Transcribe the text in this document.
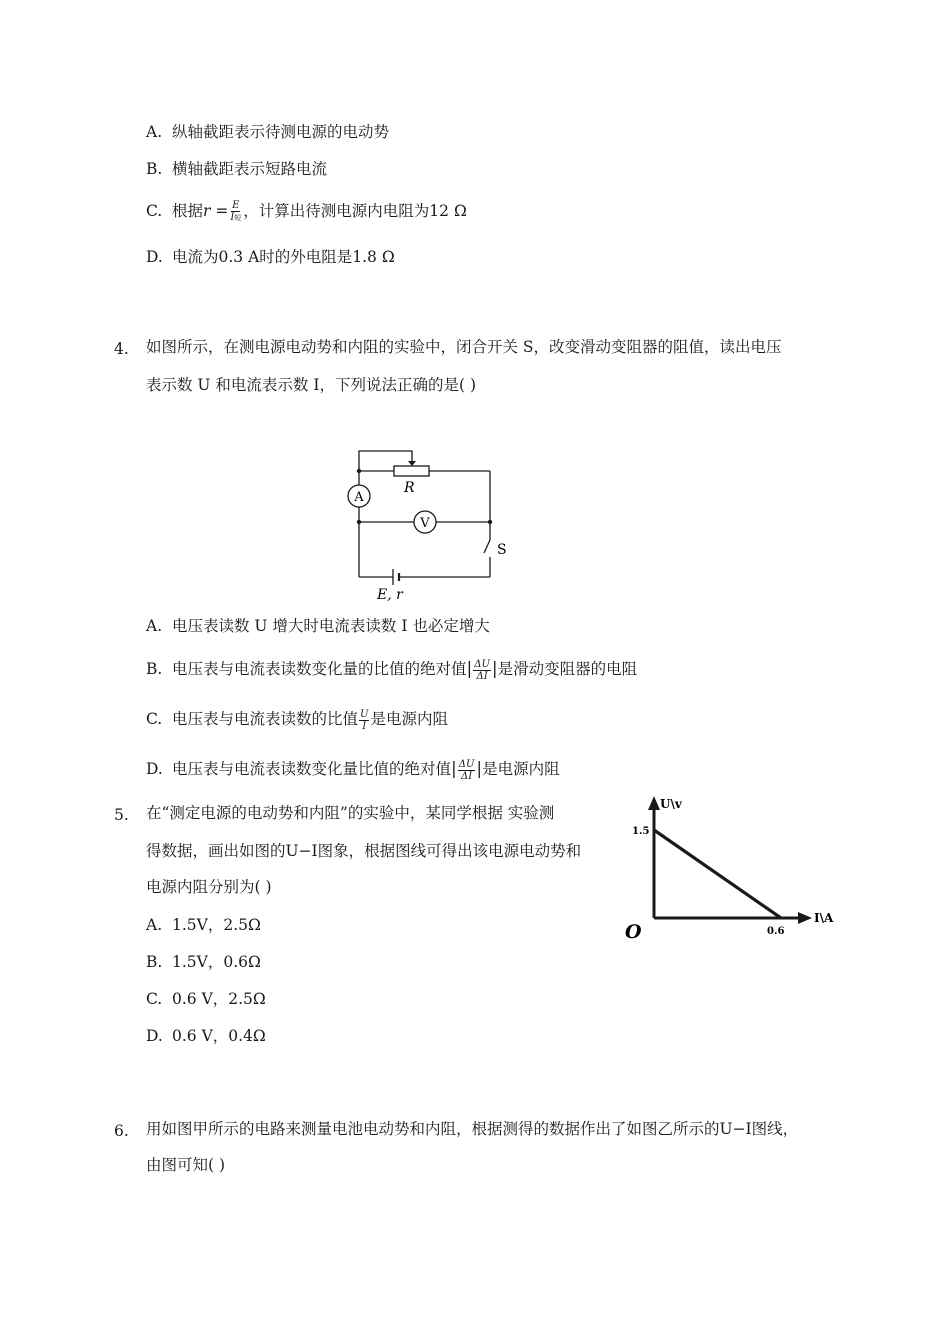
A. 纵轴截距表示待测电源的电动势
B. 横轴截距表示短路电流
C. 根据$r = \frac{E}{\text{I短}}$ ，计算出待测电源内电阻为12 Ω
D. 电流为0.3 A时的外电阻是1.8 Ω
4. 如图所示，在测电源电动势和内阻的实验中，闭合开关 S，改变滑动变阻器的阻值，读出电压
表示数 U 和电流表示数 I，下列说法正确的是( )
A
V
R
S
E, r
A. 电压表读数 U 增大时电流表读数 I 也必定增大
B. 电压表与电流表读数变化量的比值的绝对值| $\frac{\Delta U}{\Delta I}$ |是滑动变阻器的电阻
C. 电压表与电流表读数的比值 $\frac{U}{I}$ 是电源内阻
D. 电压表与电流表读数变化量比值的绝对值| $\frac{\Delta U}{\Delta I}$ |是电源内阻
5. 在“测定电源的电动势和内阻”的实验中，某同学根据 实验测
得数据，画出如图的U−I图象，根据图线可得出该电源电动势和
电源内阻分别为( )
U\v
I\A
1.5
0.6
O
A. 1.5V，2.5Ω
B. 1.5V，0.6Ω
C. 0.6 V，2.5Ω
D. 0.6 V，0.4Ω
6. 用如图甲所示的电路来测量电池电动势和内阻，根据测得的数据作出了如图乙所示的U−I图线，
由图可知( )
